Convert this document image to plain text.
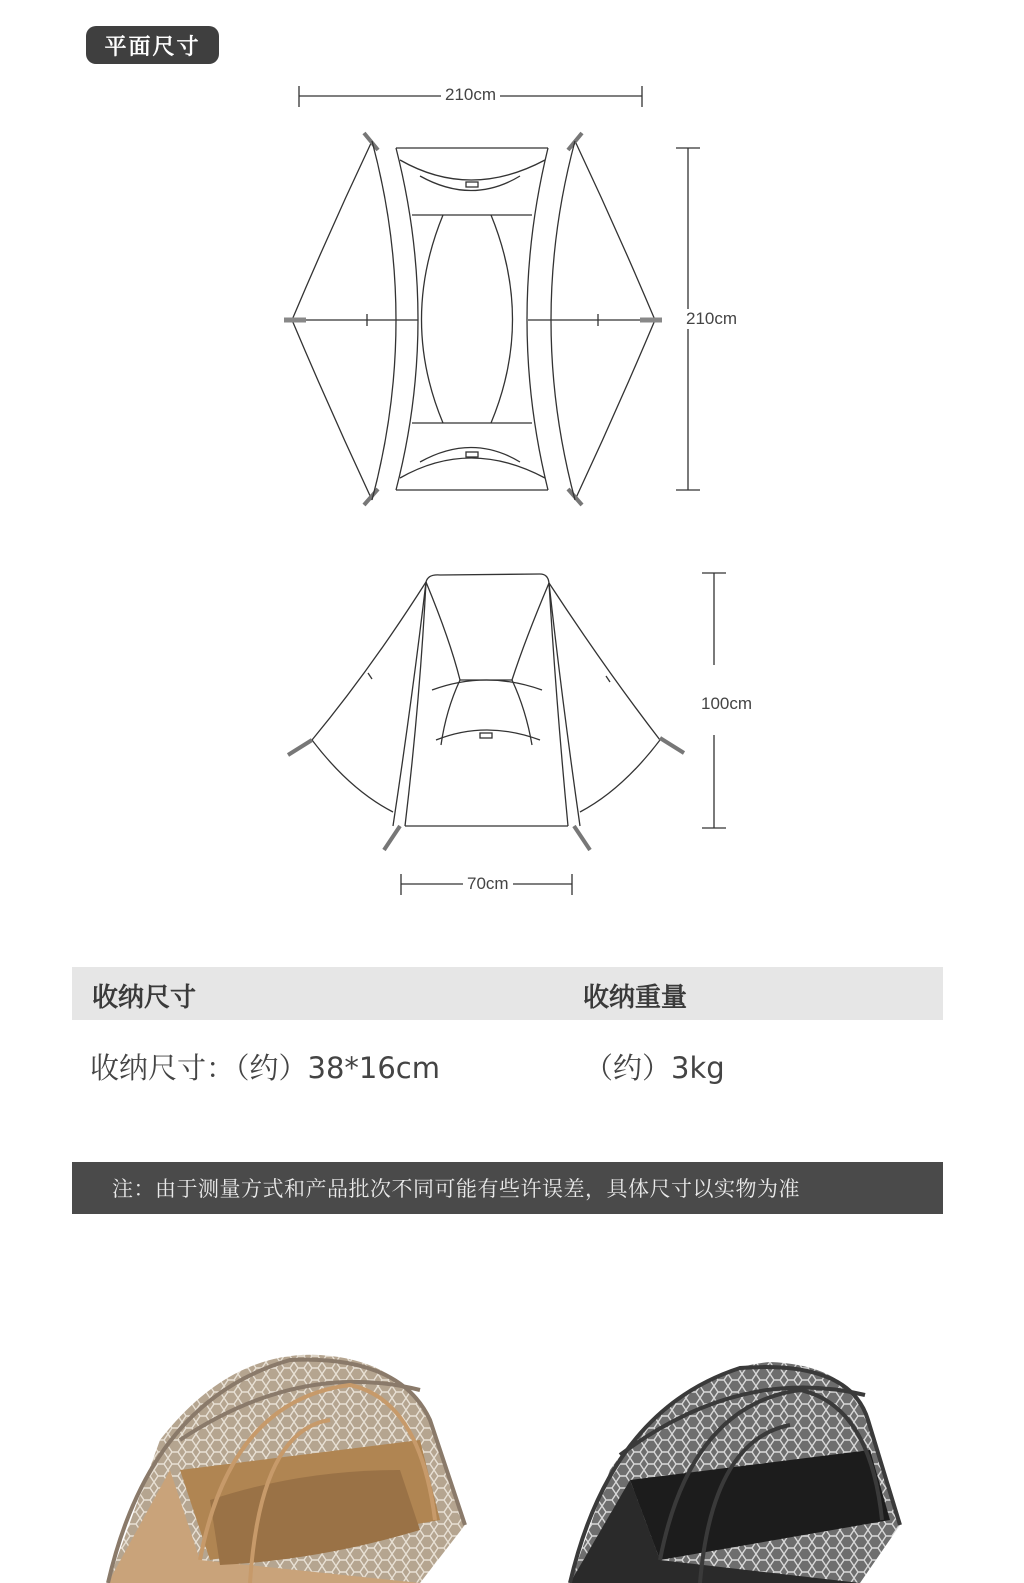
平面尺寸
210cm
210cm
100cm
70cm
收纳尺寸	收纳重量
收纳尺寸：（约）38*16cm	（约）3kg
注：由于测量方式和产品批次不同可能有些许误差，具体尺寸以实物为准
